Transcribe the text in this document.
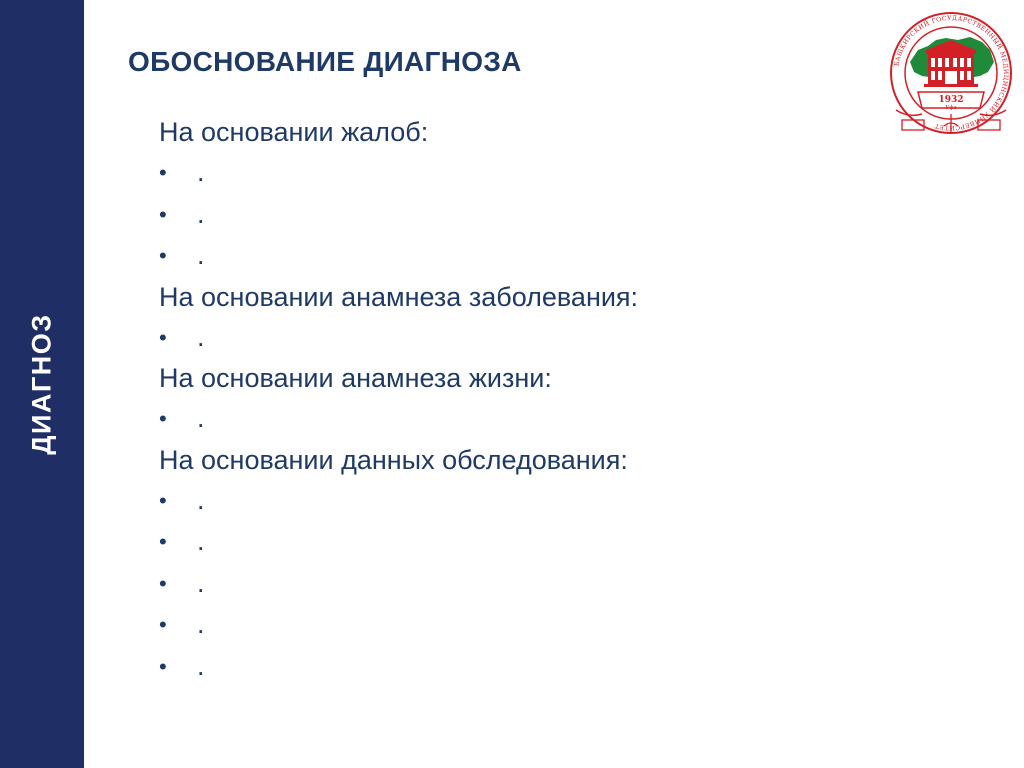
ДИАГНОЗ
ОБОСНОВАНИЕ ДИАГНОЗА	БАШКИРСКИЙ ГОСУДАРСТВЕННЫЙ МЕДИЦИНСКИЙ УНИВЕРСИТЕТ
1932
Уфа
На основании жалоб:
• .
• .
• .
На основании анамнеза заболевания:
• .
На основании анамнеза жизни:
• .
На основании данных обследования:
• .
• .
• .
• .
• .
